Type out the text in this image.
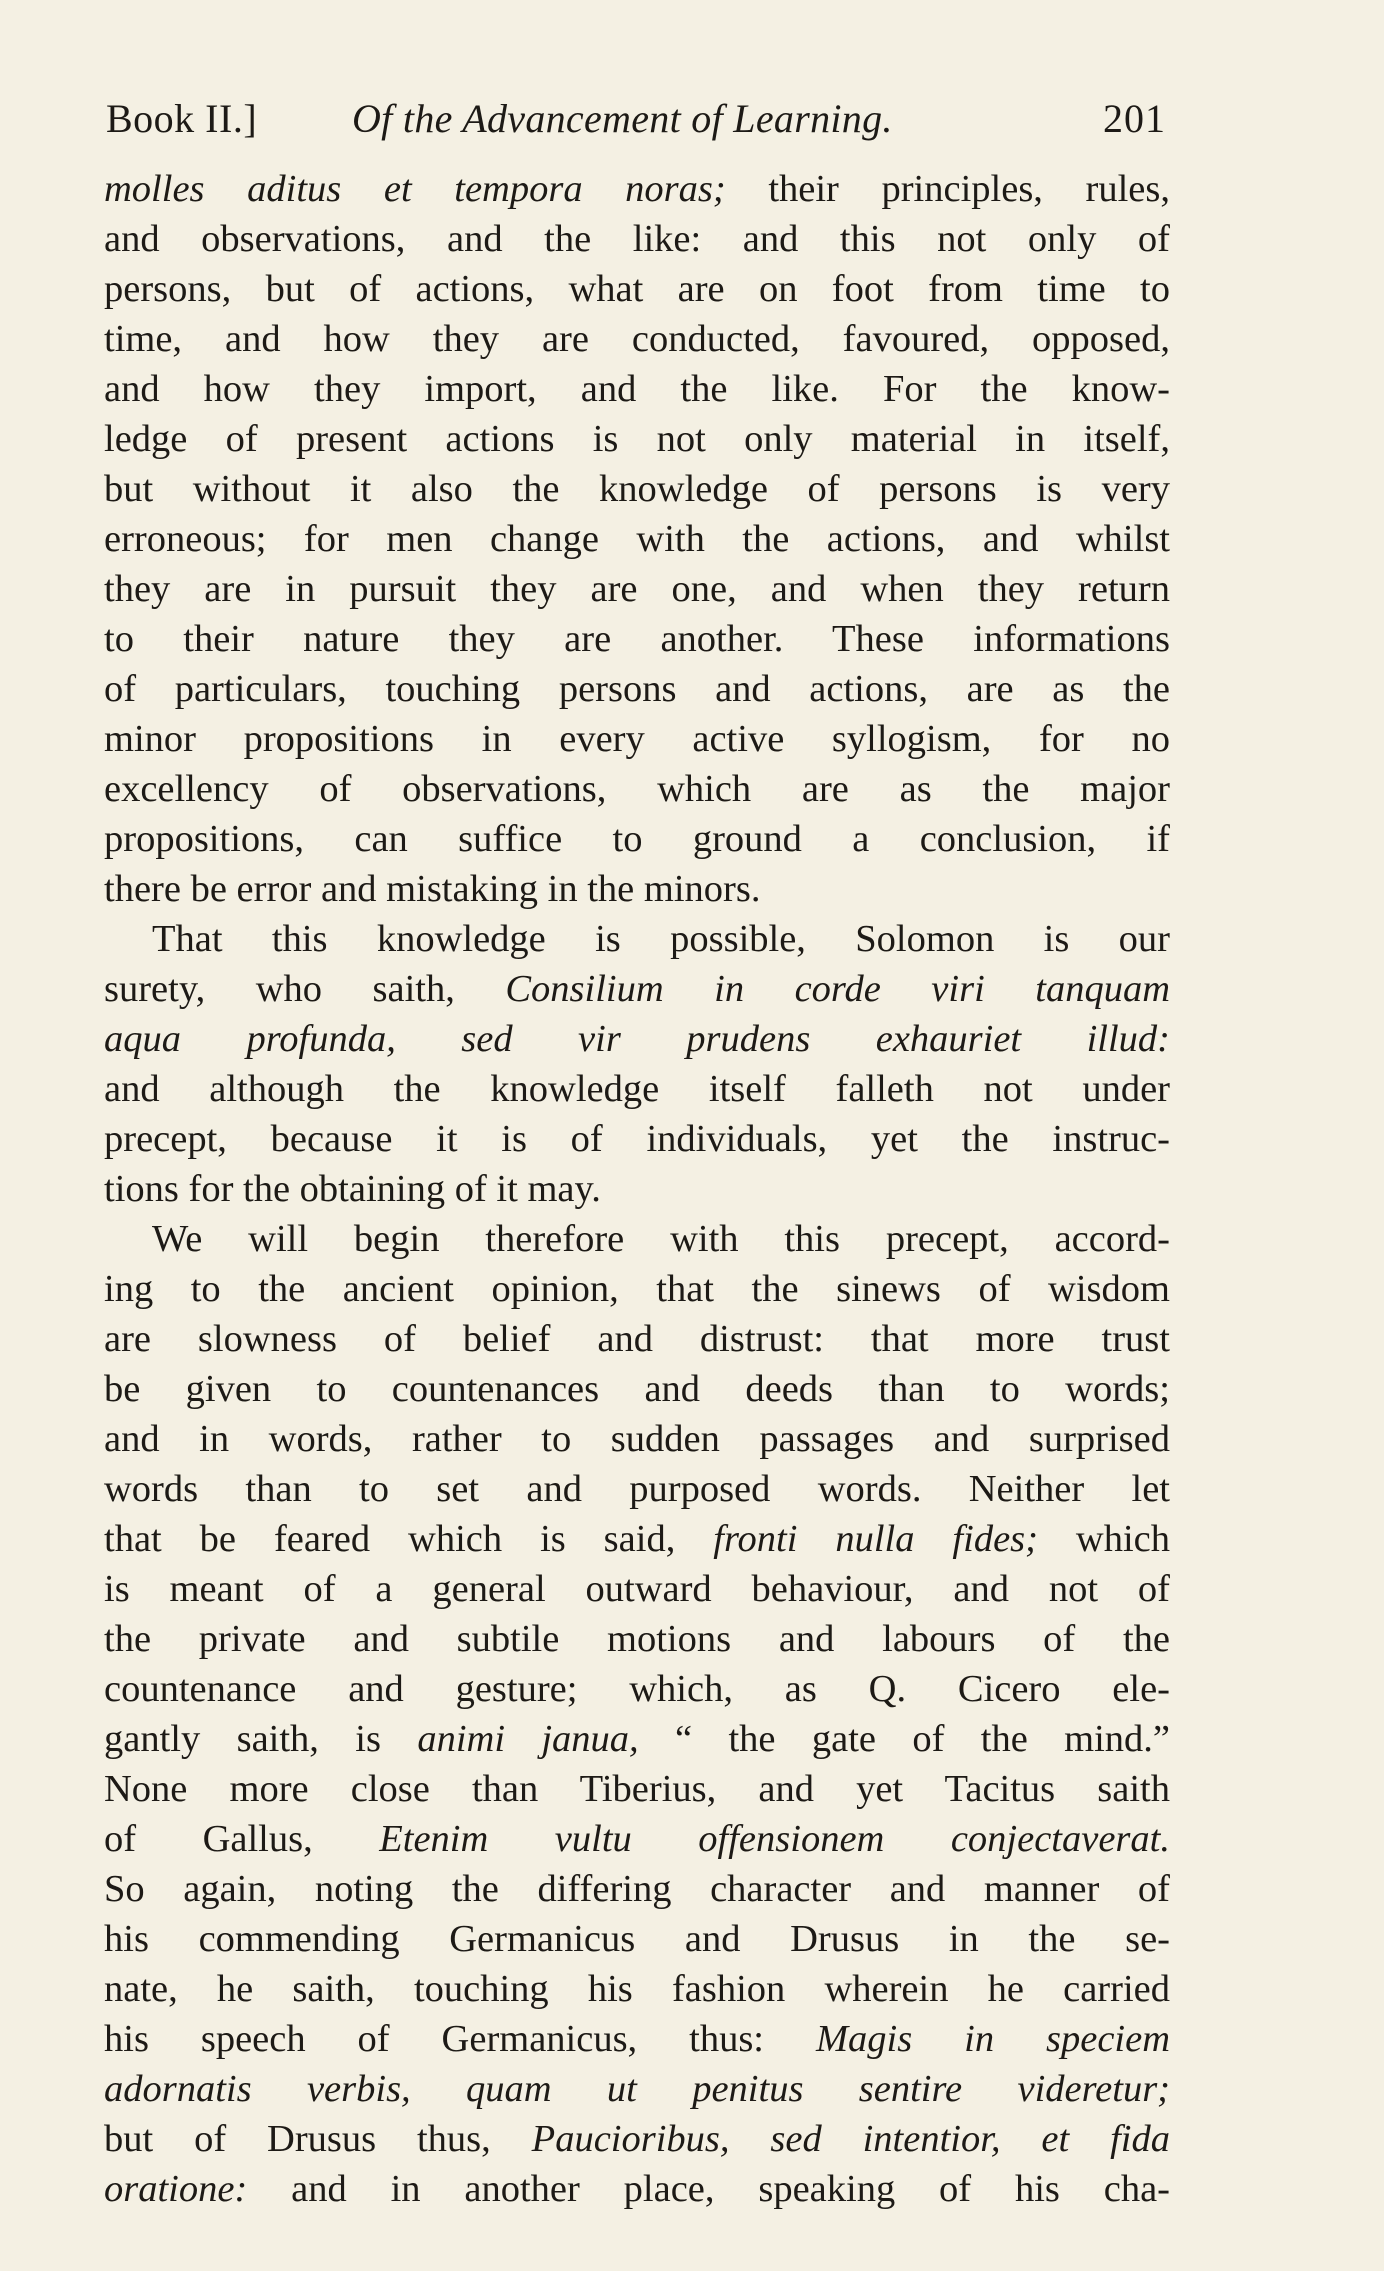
Book II.] Of the Advancement of Learning.	201
molles aditus et tempora noras; their principles, rules,
and observations, and the like: and this not only of
persons, but of actions, what are on foot from time to
time, and how they are conducted, favoured, opposed,
and how they import, and the like. For the know-
ledge of present actions is not only material in itself,
but without it also the knowledge of persons is very
erroneous; for men change with the actions, and whilst
they are in pursuit they are one, and when they return
to their nature they are another. These informations
of particulars, touching persons and actions, are as the
minor propositions in every active syllogism, for no
excellency of observations, which are as the major
propositions, can suffice to ground a conclusion, if
there be error and mistaking in the minors.
That this knowledge is possible, Solomon is our
surety, who saith, Consilium in corde viri tanquam
aqua profunda, sed vir prudens exhauriet illud:
and although the knowledge itself falleth not under
precept, because it is of individuals, yet the instruc-
tions for the obtaining of it may.
We will begin therefore with this precept, accord-
ing to the ancient opinion, that the sinews of wisdom
are slowness of belief and distrust: that more trust
be given to countenances and deeds than to words;
and in words, rather to sudden passages and surprised
words than to set and purposed words. Neither let
that be feared which is said, fronti nulla fides; which
is meant of a general outward behaviour, and not of
the private and subtile motions and labours of the
countenance and gesture; which, as Q. Cicero ele-
gantly saith, is animi janua, “ the gate of the mind.”
None more close than Tiberius, and yet Tacitus saith
of Gallus, Etenim vultu offensionem conjectaverat.
So again, noting the differing character and manner of
his commending Germanicus and Drusus in the se-
nate, he saith, touching his fashion wherein he carried
his speech of Germanicus, thus: Magis in speciem
adornatis verbis, quam ut penitus sentire videretur;
but of Drusus thus, Paucioribus, sed intentior, et fida
oratione: and in another place, speaking of his cha-
